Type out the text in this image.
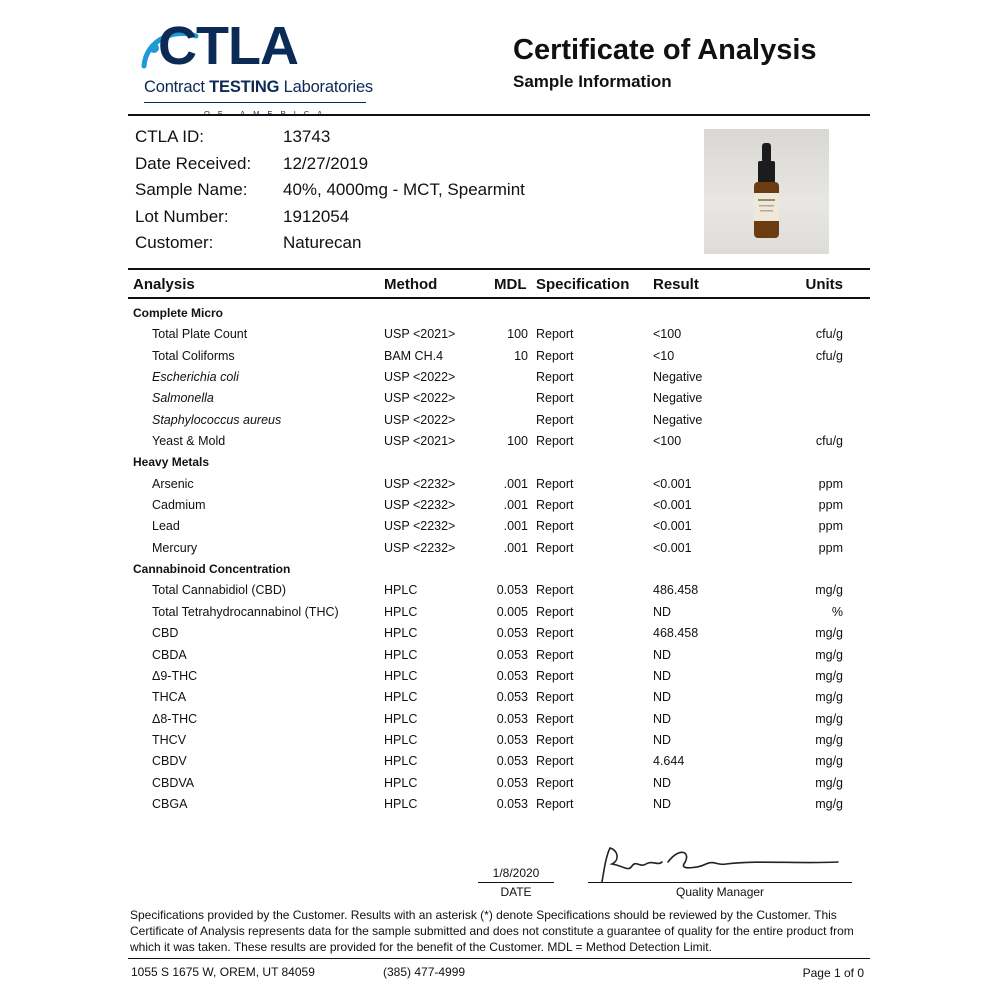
CTLA
Contract TESTING Laboratories
OF AMERICA
Certificate of Analysis
Sample Information
CTLA ID:	13743
Date Received:	12/27/2019
Sample Name:	40%, 4000mg - MCT, Spearmint
Lot Number:	1912054
Customer:	Naturecan
Analysis	Method	MDL Specification Result	Units
Complete Micro
Total Plate Count	USP <2021>	100 Report	<100	cfu/g
Total Coliforms	BAM CH.4	10 Report	<10	cfu/g
Escherichia coli	USP <2022>	Report	Negative
Salmonella	USP <2022>	Report	Negative
Staphylococcus aureus	USP <2022>	Report	Negative
Yeast & Mold	USP <2021>	100 Report	<100	cfu/g
Heavy Metals
Arsenic	USP <2232>	.001 Report	<0.001	ppm
Cadmium	USP <2232>	.001 Report	<0.001	ppm
Lead	USP <2232>	.001 Report	<0.001	ppm
Mercury	USP <2232>	.001 Report	<0.001	ppm
Cannabinoid Concentration
Total Cannabidiol (CBD)	HPLC	0.053 Report	486.458	mg/g
Total Tetrahydrocannabinol (THC)	HPLC	0.005 Report	ND	%
CBD	HPLC	0.053 Report	468.458	mg/g
CBDA	HPLC	0.053 Report	ND	mg/g
Δ9-THC	HPLC	0.053 Report	ND	mg/g
THCA	HPLC	0.053 Report	ND	mg/g
Δ8-THC	HPLC	0.053 Report	ND	mg/g
THCV	HPLC	0.053 Report	ND	mg/g
CBDV	HPLC	0.053 Report	4.644	mg/g
CBDVA	HPLC	0.053 Report	ND	mg/g
CBGA	HPLC	0.053 Report	ND	mg/g
1/8/2020
DATE	Quality Manager
Specifications provided by the Customer. Results with an asterisk (*) denote Specifications should be reviewed by the Customer. This Certificate of Analysis represents data for the sample submitted and does not constitute a guarantee of quality for the entire product from which it was taken. These results are provided for the benefit of the Customer. MDL = Method Detection Limit.
1055 S 1675 W, OREM, UT 84059	(385) 477-4999	Page 1 of 0
